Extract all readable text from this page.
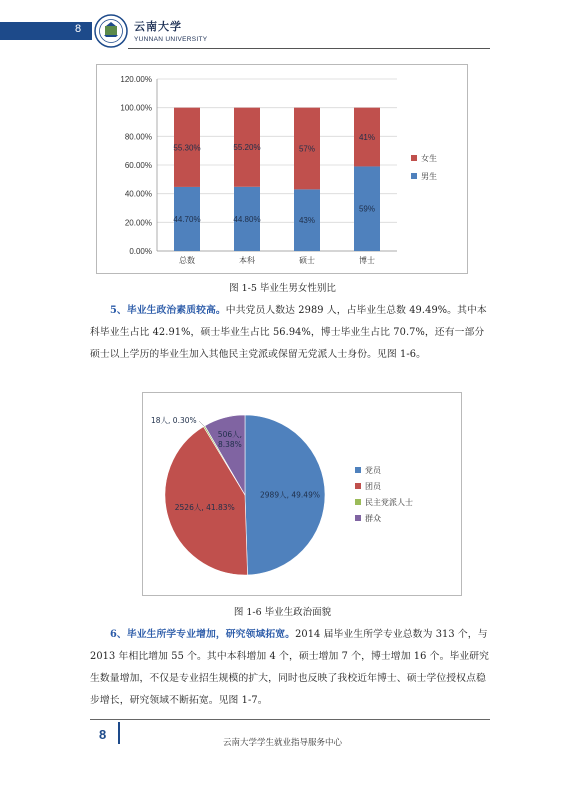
8	云南大学
YUNNAN UNIVERSITY
0.00%
20.00%
40.00%
60.00%
80.00%
100.00%
120.00%
44.70%
55.30%
总数
44.80%
55.20%
本科
43%
57%
硕士
59%
41%
博士
女生
男生
图 1-5 毕业生男女性别比
5、毕业生政治素质较高。中共党员人数达 2989 人，占毕业生总数 49.49%。其中本科毕业生占比 42.91%，硕士毕业生占比 56.94%，博士毕业生占比 70.7%，还有一部分硕士以上学历的毕业生加入其他民主党派或保留无党派人士身份。见图 1-6。
2989人, 49.49%
2526人, 41.83%
18人, 0.30%
506人,
8.38%
党员
团员
民主党派人士
群众
图 1-6 毕业生政治面貌
6、毕业生所学专业增加，研究领域拓宽。2014 届毕业生所学专业总数为 313 个，与 2013 年相比增加 55 个。其中本科增加 4 个，硕士增加 7 个，博士增加 16 个。毕业研究生数量增加，不仅是专业招生规模的扩大，同时也反映了我校近年博士、硕士学位授权点稳步增长，研究领域不断拓宽。见图 1-7。
8
云南大学学生就业指导服务中心
